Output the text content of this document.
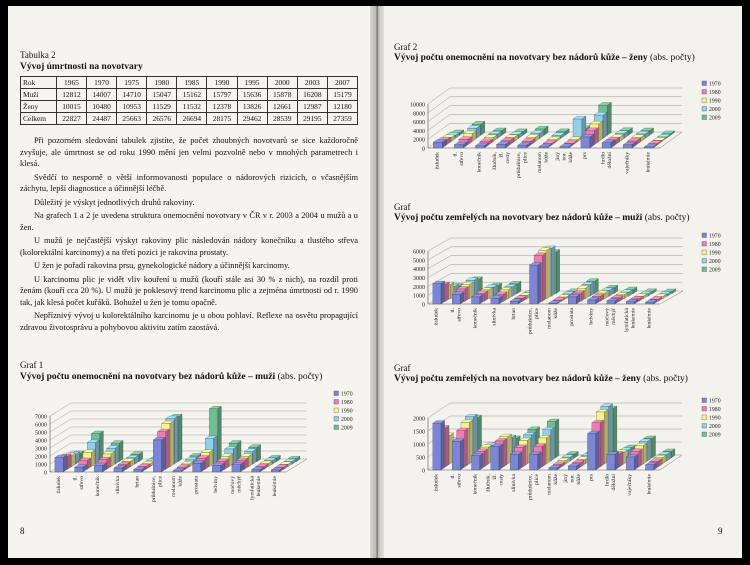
Tabulka 2
Vývoj úmrtnosti na novotvary
Rok	1965	1970	1975	1980	1985	1990	1995	2000	2003	2007
Muži	12812	14007	14710	15047	15162	15797	15636	15878	16208	15179
Ženy	10015	10480	10953	11529	11532	12378	13826	12661	12987	12180
Celkem	22827	24487	25663	26576	26694	28175	29462	28539	29195	27359

Při pozorném sledování tabulek zjistíte, že počet zhoubných novotvarů se sice každoročně zvyšuje, ale úmrtnost se od roku 1990 mění jen velmi pozvolně nebo v mnohých parametrech i klesá.

Svědčí to nesporně o větší informovanosti populace o nádorových rizicích, o včasnějším záchytu, lepší diagnostice a účinnější léčbě.

Důležitý je výskyt jednotlivých druhů rakoviny.

Na grafech 1 a 2 je uvedena struktura onemocnění novotvary v ČR v r. 2003 a 2004 u mužů a u žen.

U mužů je nejčastější výskyt rakoviny plic následován nádory konečníku a tlustého střeva (kolorektální karcinomy) a na třetí pozici je rakovina prostaty.

U žen je pořadí rakovina prsu, gynekologické nádory a účinnější karcinomy.

U karcinomu plic je vidět vliv kouření u mužů (kouří stále asi 30 % z nich), na rozdíl proti ženám (kouří cca 20 %). U mužů je poklesový trend karcinomu plic a zejména úmrtnosti od r. 1990 tak, jak klesá počet kuřáků. Bohužel u žen je tomu opačně.

Nepříznivý vývoj u kolorektálního karcinomu je u obou pohlaví. Reflexe na osvětu propagující zdravou životosprávu a pohybovou aktivitu zatím zaostává.

Graf 1
Vývoj počtu onemocnění na novotvary bez nádorů kůže – muži (abs. počty)
0
1000
2000
3000
4000
5000
6000
7000
žaludek tl. střevo konečník slinivka hrtan průdušnice, plíce melanom kůže prostata ledviny močový měchýř lymfatická leukemie leukémie
1970
1980
1990
2000
2009
8
Graf 2
Vývoj počtu onemocnění na novotvary bez nádorů kůže – ženy (abs. počty)
0
2000
4000
6000
8000
10000
žaludek tl. střevo konečník žlučník, žl. cesty průdušnice, plíce melanom kůže jiný nor. kůže prs hrdlo děložní vaječníky	leukémie
1970
1980
1990
2000
2009
Graf
Vývoj počtu zemřelých na novotvary bez nádorů kůže – muži (abs. počty)
0
1000
2000
3000
4000
5000
6000
žaludek tl. střevo konečník slinivka hrtan průdušnice, plíce melanom kůže prostata ledviny močový měchýř lymfatická leukemie leukémie
1970
1980
1990
2000
2009
Graf
Vývoj počtu zemřelých na novotvary bez nádorů kůže – ženy (abs. počty)
0
500
1000
1500
2000
žaludek tl. střevo konečník žlučník, žl. cesty slinivka průdušnice, plíce melanom kůže jiný nor. kůže prs hrdlo děložní vaječníky leukémie
1970
1980
1990
2000
2009
9
